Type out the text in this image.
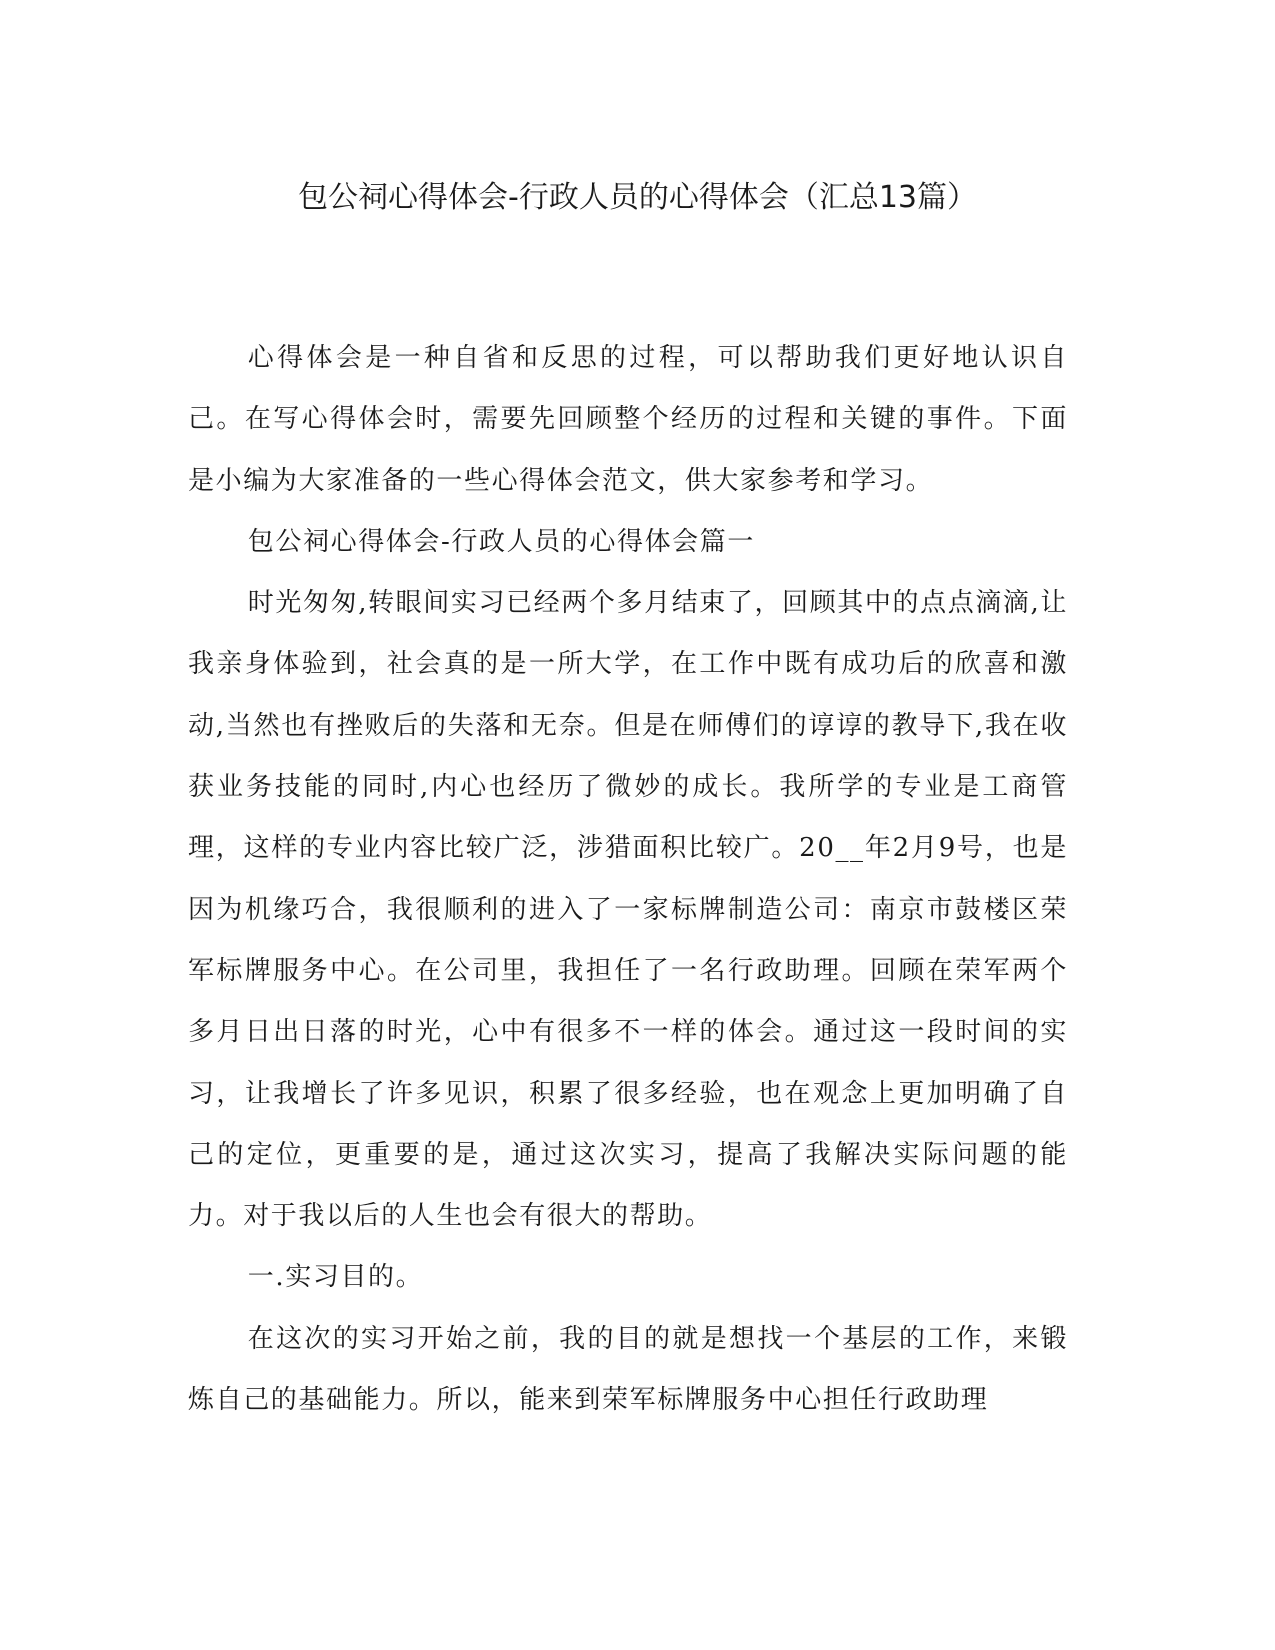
包公祠心得体会-行政人员的心得体会（汇总13篇）

心得体会是一种自省和反思的过程，可以帮助我们更好地认识自己。在写心得体会时，需要先回顾整个经历的过程和关键的事件。下面是小编为大家准备的一些心得体会范文，供大家参考和学习。

包公祠心得体会-行政人员的心得体会篇一

时光匆匆,转眼间实习已经两个多月结束了，回顾其中的点点滴滴,让我亲身体验到，社会真的是一所大学，在工作中既有成功后的欣喜和激动,当然也有挫败后的失落和无奈。但是在师傅们的谆谆的教导下,我在收获业务技能的同时,内心也经历了微妙的成长。我所学的专业是工商管理，这样的专业内容比较广泛，涉猎面积比较广。20__年2月9号，也是因为机缘巧合，我很顺利的进入了一家标牌制造公司：南京市鼓楼区荣军标牌服务中心。在公司里，我担任了一名行政助理。回顾在荣军两个多月日出日落的时光，心中有很多不一样的体会。通过这一段时间的实习，让我增长了许多见识，积累了很多经验，也在观念上更加明确了自己的定位，更重要的是，通过这次实习，提高了我解决实际问题的能力。对于我以后的人生也会有很大的帮助。

一.实习目的。

在这次的实习开始之前，我的目的就是想找一个基层的工作，来锻炼自己的基础能力。所以，能来到荣军标牌服务中心担任行政助理
